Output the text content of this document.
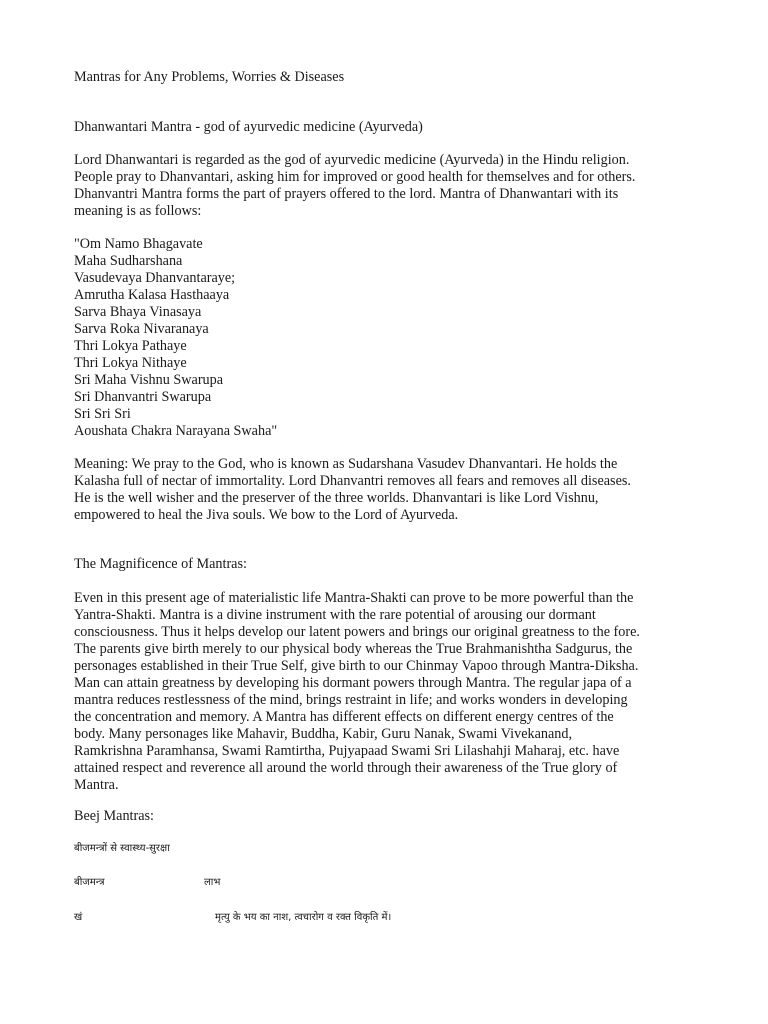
Mantras for Any Problems, Worries & Diseases
Dhanwantari Mantra - god of ayurvedic medicine (Ayurveda)
Lord Dhanwantari is regarded as the god of ayurvedic medicine (Ayurveda) in the Hindu religion.
People pray to Dhanvantari, asking him for improved or good health for themselves and for others.
Dhanvantri Mantra forms the part of prayers offered to the lord. Mantra of Dhanwantari with its
meaning is as follows:
"Om Namo Bhagavate
Maha Sudharshana
Vasudevaya Dhanvantaraye;
Amrutha Kalasa Hasthaaya
Sarva Bhaya Vinasaya
Sarva Roka Nivaranaya
Thri Lokya Pathaye
Thri Lokya Nithaye
Sri Maha Vishnu Swarupa
Sri Dhanvantri Swarupa
Sri Sri Sri
Aoushata Chakra Narayana Swaha"
Meaning: We pray to the God, who is known as Sudarshana Vasudev Dhanvantari. He holds the
Kalasha full of nectar of immortality. Lord Dhanvantri removes all fears and removes all diseases.
He is the well wisher and the preserver of the three worlds. Dhanvantari is like Lord Vishnu,
empowered to heal the Jiva souls. We bow to the Lord of Ayurveda.
The Magnificence of Mantras:
Even in this present age of materialistic life Mantra-Shakti can prove to be more powerful than the
Yantra-Shakti. Mantra is a divine instrument with the rare potential of arousing our dormant
consciousness. Thus it helps develop our latent powers and brings our original greatness to the fore.
The parents give birth merely to our physical body whereas the True Brahmanishtha Sadgurus, the
personages established in their True Self, give birth to our Chinmay Vapoo through Mantra-Diksha.
Man can attain greatness by developing his dormant powers through Mantra. The regular japa of a
mantra reduces restlessness of the mind, brings restraint in life; and works wonders in developing
the concentration and memory. A Mantra has different effects on different energy centres of the
body. Many personages like Mahavir, Buddha, Kabir, Guru Nanak, Swami Vivekanand,
Ramkrishna Paramhansa, Swami Ramtirtha, Pujyapaad Swami Sri Lilashahji Maharaj, etc. have
attained respect and reverence all around the world through their awareness of the True glory of
Mantra.
Beej Mantras:
बीजमन्त्रों से स्वास्थ्य-सुरक्षा
बीजमन्त्र	लाभ
खं	मृत्यु के भय का नाश, त्वचारोग व रक्त विकृति में।
